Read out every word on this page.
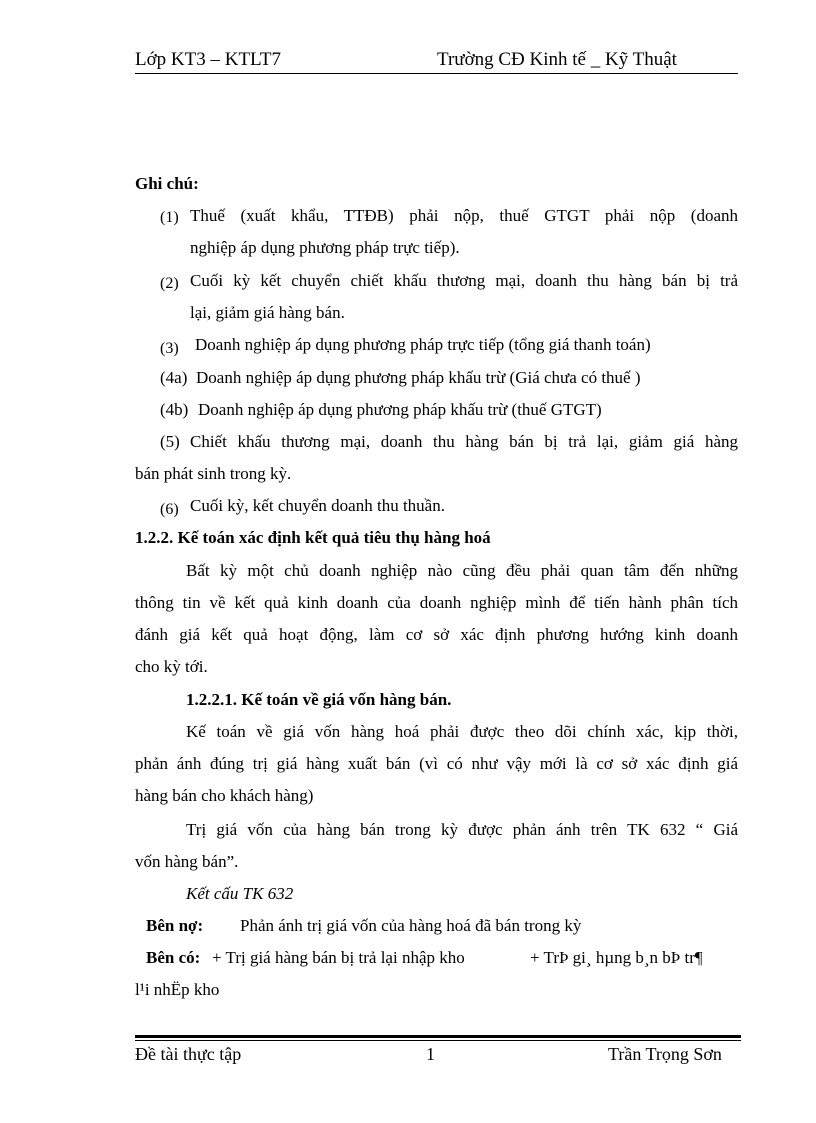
Lớp KT3 – KTLT7	Trường CĐ Kinh tế _ Kỹ Thuật
Ghi chú:
(1) Thuế (xuất khẩu, TTĐB) phải nộp, thuế GTGT phải nộp (doanh
nghiệp áp dụng phương pháp trực tiếp).
(2) Cuối kỳ kết chuyển chiết khấu thương mại, doanh thu hàng bán bị trả
lại, giảm giá hàng bán.
(3) Doanh nghiệp áp dụng phương pháp trực tiếp (tổng giá thanh toán)
(4a) Doanh nghiệp áp dụng phương pháp khấu trừ (Giá chưa có thuế )
(4b) Doanh nghiệp áp dụng phương pháp khấu trừ (thuế GTGT)
(5) Chiết khấu thương mại, doanh thu hàng bán bị trả lại, giảm giá hàng
bán phát sinh trong kỳ.
(6) Cuối kỳ, kết chuyển doanh thu thuần.
1.2.2. Kế toán xác định kết quả tiêu thụ hàng hoá
Bất kỳ một chủ doanh nghiệp nào cũng đều phải quan tâm đến những
thông tin về kết quả kinh doanh của doanh nghiệp mình để tiến hành phân tích
đánh giá kết quả hoạt động, làm cơ sở xác định phương hướng kinh doanh
cho kỳ tới.
1.2.2.1. Kế toán về giá vốn hàng bán.
Kế toán về giá vốn hàng hoá phải được theo dõi chính xác, kịp thời,
phản ánh đúng trị giá hàng xuất bán (vì có như vậy mới là cơ sở xác định giá
hàng bán cho khách hàng)
Trị giá vốn của hàng bán trong kỳ được phản ánh trên TK 632 “ Giá
vốn hàng bán”.
Kết cấu TK 632
Bên nợ: Phản ánh trị giá vốn của hàng hoá đã bán trong kỳ
Bên có: + Trị giá hàng bán bị trả lại nhập kho	+ TrÞ gi¸ hµng b¸n bÞ tr¶
l¹i nhËp kho
Đề tài thực tập	1	Trần Trọng Sơn
